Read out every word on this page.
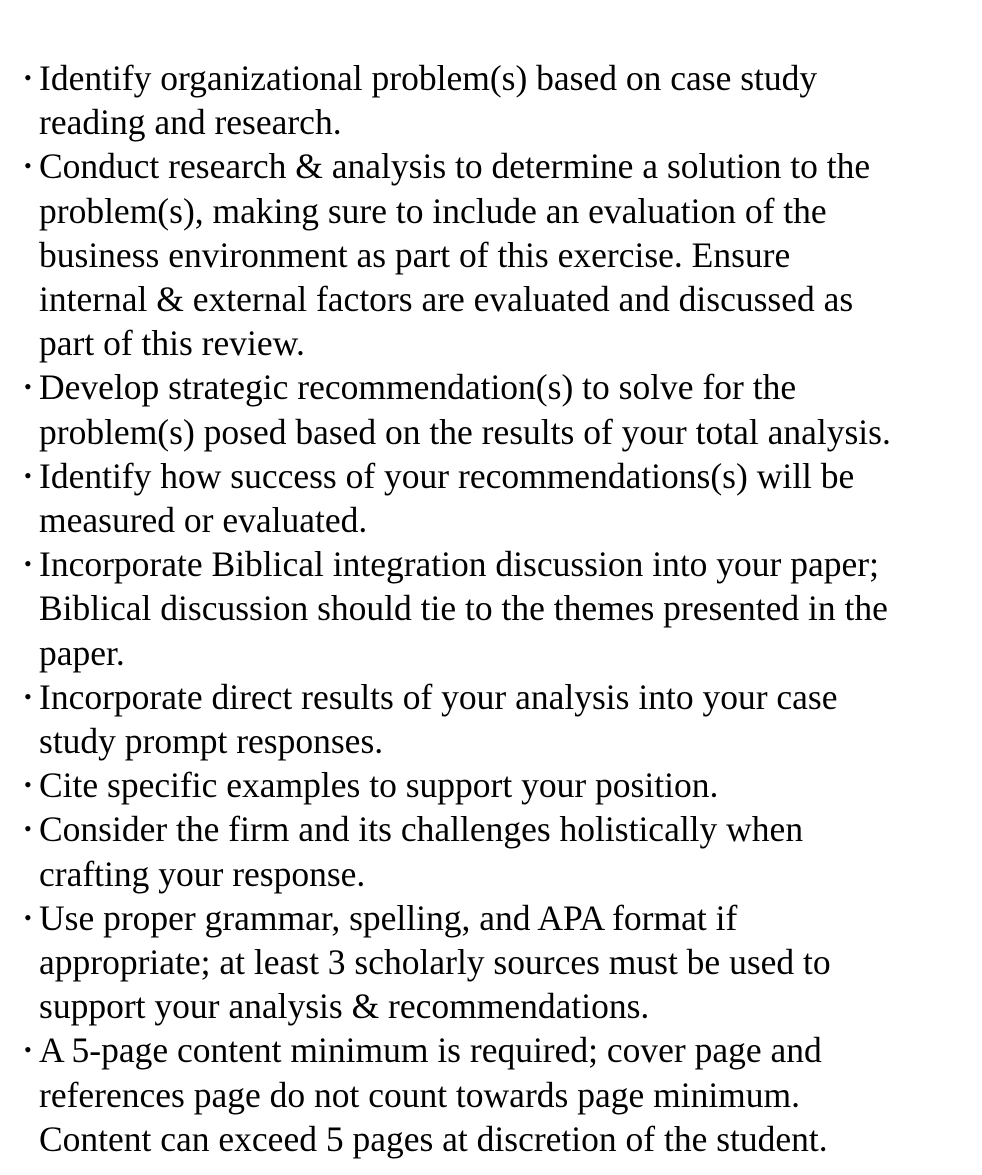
• Identify organizational problem(s) based on case study
reading and research.
• Conduct research & analysis to determine a solution to the
problem(s), making sure to include an evaluation of the
business environment as part of this exercise. Ensure
internal & external factors are evaluated and discussed as
part of this review.
• Develop strategic recommendation(s) to solve for the
problem(s) posed based on the results of your total analysis.
• Identify how success of your recommendations(s) will be
measured or evaluated.
• Incorporate Biblical integration discussion into your paper;
Biblical discussion should tie to the themes presented in the
paper.
• Incorporate direct results of your analysis into your case
study prompt responses.
• Cite specific examples to support your position.
• Consider the firm and its challenges holistically when
crafting your response.
• Use proper grammar, spelling, and APA format if
appropriate; at least 3 scholarly sources must be used to
support your analysis & recommendations.
• A 5-page content minimum is required; cover page and
references page do not count towards page minimum.
Content can exceed 5 pages at discretion of the student.
